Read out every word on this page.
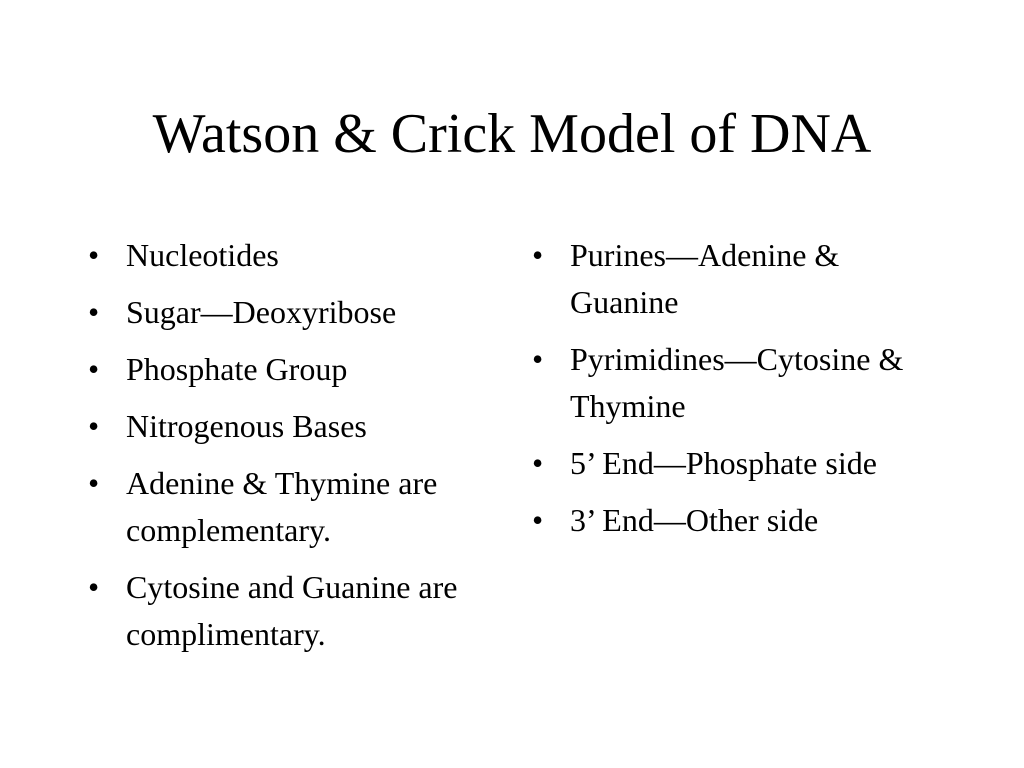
Watson & Crick Model of DNA
• Nucleotides
• Sugar—Deoxyribose
• Phosphate Group
• Nitrogenous Bases
• Adenine & Thymine are complementary.
• Cytosine and Guanine are complimentary.
• Purines—Adenine & Guanine
• Pyrimidines—Cytosine & Thymine
• 5’ End—Phosphate side
• 3’ End—Other side
